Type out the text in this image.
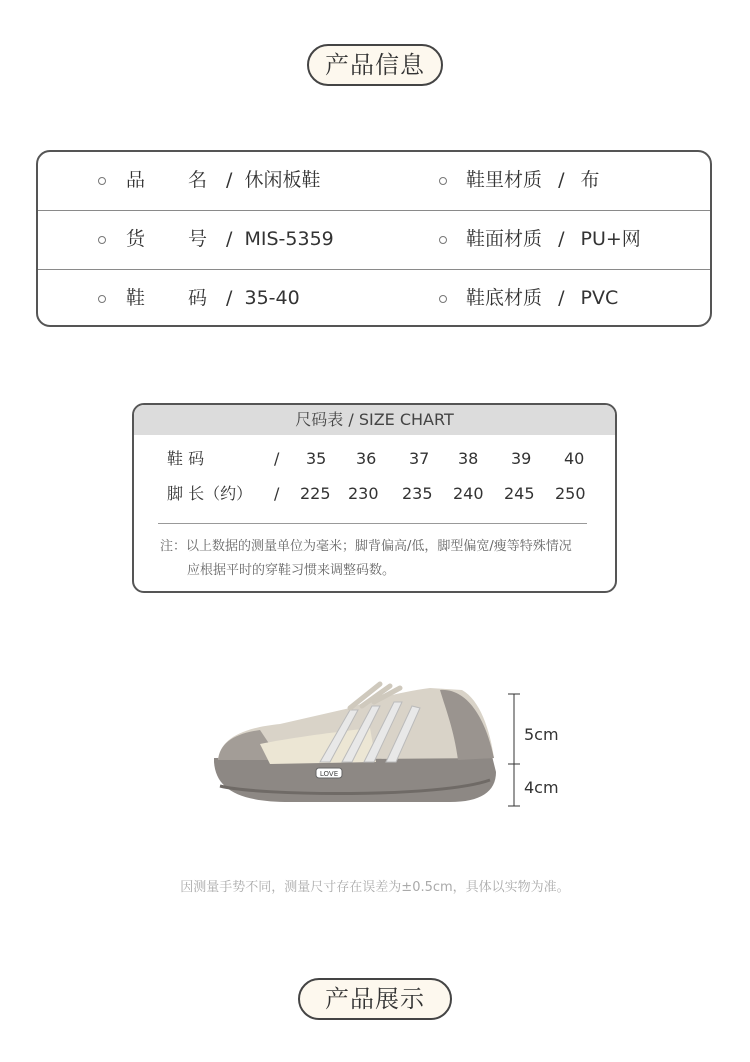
产品信息
品 名 / 休闲板鞋	鞋里材质 / 布
货 号 / MIS-5359	鞋面材质 / PU+网
鞋 码 / 35-40	鞋底材质 / PVC
尺码表 / SIZE CHART
鞋 码	/ 35 36 37 38 39 40
脚 长（约） / 225 230 235 240 245 250
注：以上数据的测量单位为毫米；脚背偏高/低，脚型偏宽/瘦等特殊情况
应根据平时的穿鞋习惯来调整码数。
LOVE
5cm
4cm
因测量手势不同，测量尺寸存在误差为±0.5cm，具体以实物为准。
产品展示
